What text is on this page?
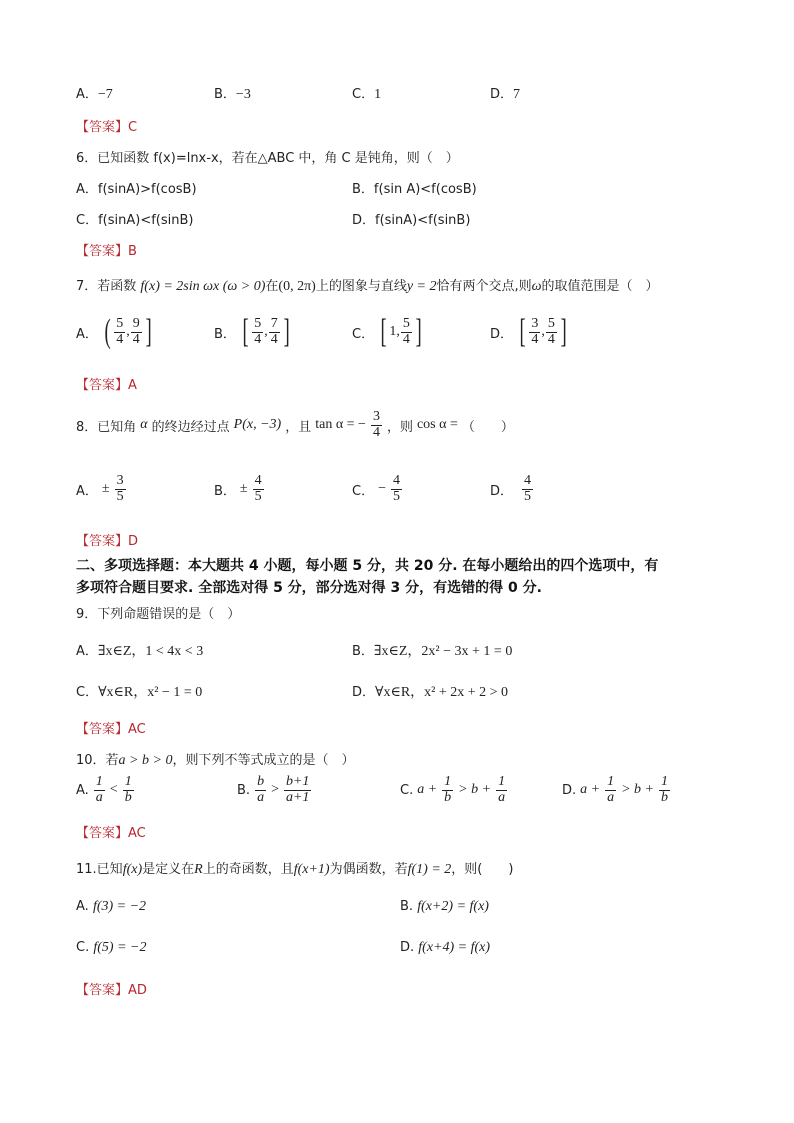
A．−7	B．−3	C．1	D．7
【答案】C
6．已知函数 f(x)=lnx-x，若在△ABC 中，角 C 是钝角，则（　）
A．f(sinA)>f(cosB)	B．f(sin A)<f(cosB)
C．f(sinA)<f(sinB)	D．f(sinA)<f(sinB)
【答案】B
7．若函数 f(x) = 2sin ωx (ω > 0)在(0, 2π)上的图象与直线y = 2恰有两个交点,则ω的取值范围是（　）
A． ( $\frac{5}{4}$ , $\frac{9}{4}$ ]	B． [ $\frac{5}{4}$ , $\frac{7}{4}$ ]	C． [ 1, $\frac{5}{4}$ ]	D． [ $\frac{3}{4}$ , $\frac{5}{4}$ ]
【答案】A
8．已知角 α 的终边经过点 P(x, −3) ，且 tan α = − $\frac{3}{4}$ ，则 cos α = （　　）
A． ± $\frac{3}{5}$	B． ± $\frac{4}{5}$	C． − $\frac{4}{5}$	D． $\frac{4}{5}$
【答案】D
二、多项选择题：本大题共 4 小题，每小题 5 分，共 20 分. 在每小题给出的四个选项中，有
多项符合题目要求. 全部选对得 5 分，部分选对得 3 分，有选错的得 0 分.
9．下列命题错误的是（　）
A．∃x∈Z，1 < 4x < 3	B．∃x∈Z，2x² − 3x + 1 = 0
C．∀x∈R，x² − 1 = 0	D．∀x∈R，x² + 2x + 2 > 0
【答案】AC
10．若a > b > 0，则下列不等式成立的是（　）
A. $\frac{1}{a} < \frac{1}{b}$	B. $\frac{b}{a} > \frac{b+1}{a+1}$	C. $a + \frac{1}{b} > b + \frac{1}{a}$	D. $a + \frac{1}{a} > b + \frac{1}{b}$
【答案】AC
11.已知f(x)是定义在R上的奇函数，且f(x+1)为偶函数，若f(1) = 2，则(　　)
A. f(3) = −2	B. f(x+2) = f(x)
C. f(5) = −2	D. f(x+4) = f(x)
【答案】AD
